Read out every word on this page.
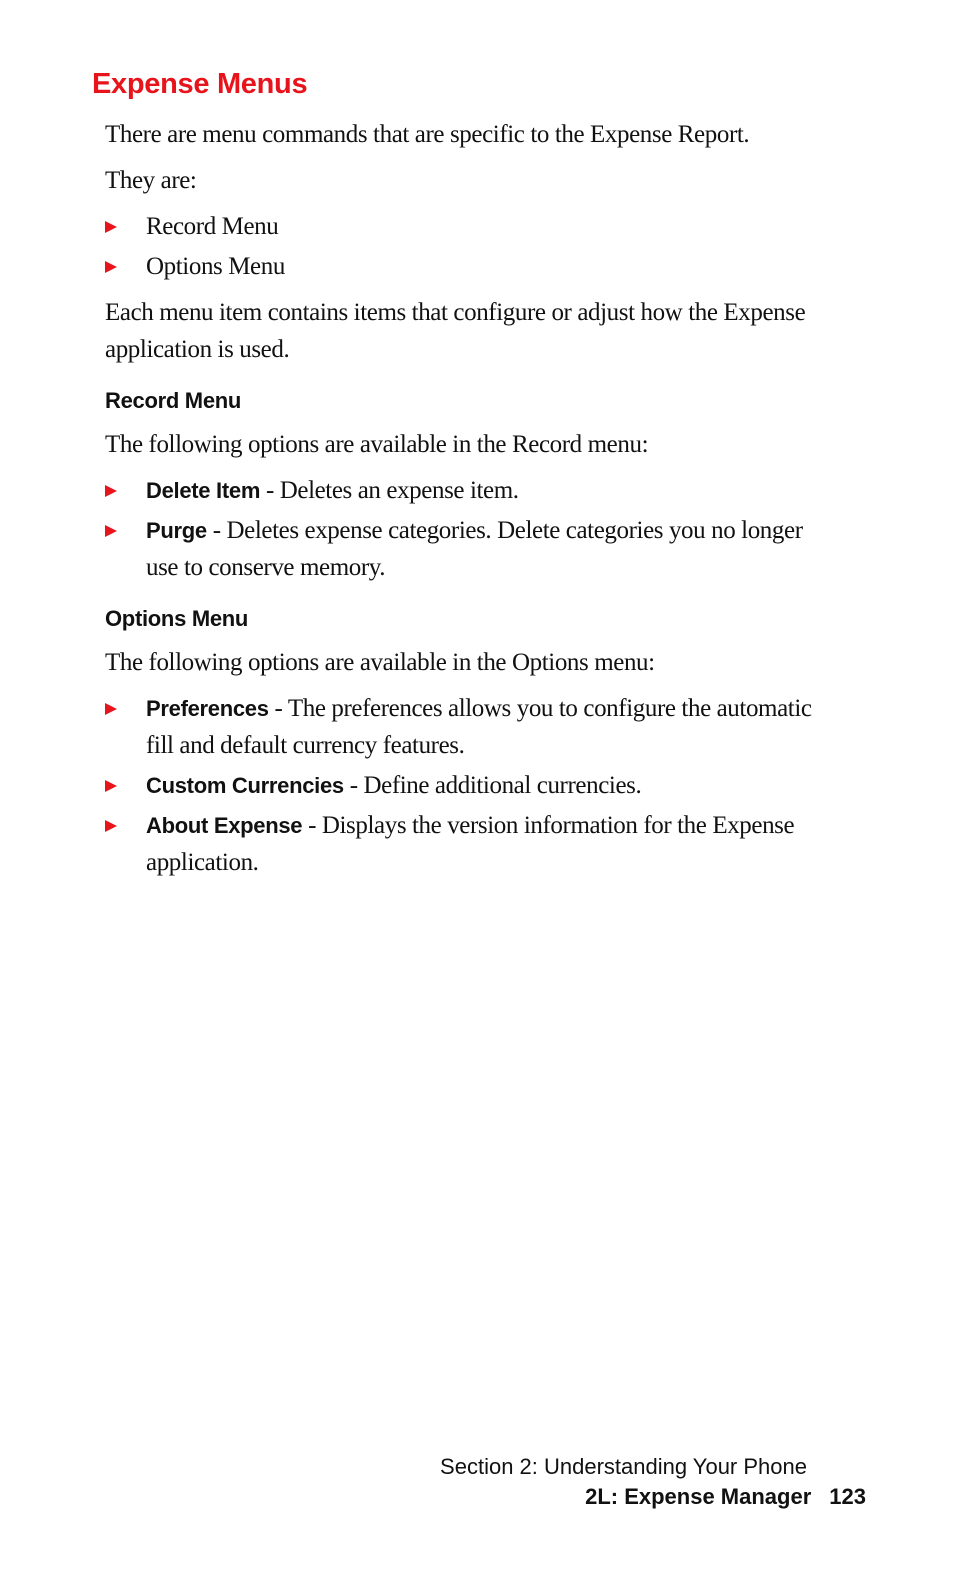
Expense Menus

There are menu commands that are specific to the Expense Report.

They are:

Record Menu
Options Menu

Each menu item contains items that configure or adjust how the Expense application is used.

Record Menu

The following options are available in the Record menu:

Delete Item - Deletes an expense item.
Purge - Deletes expense categories. Delete categories you no longer use to conserve memory.
Options Menu

The following options are available in the Options menu:

Preferences - The preferences allows you to configure the automatic fill and default currency features.
Custom Currencies - Define additional currencies.
About Expense - Displays the version information for the Expense application.
Section 2: Understanding Your Phone
2L: Expense Manager 123
